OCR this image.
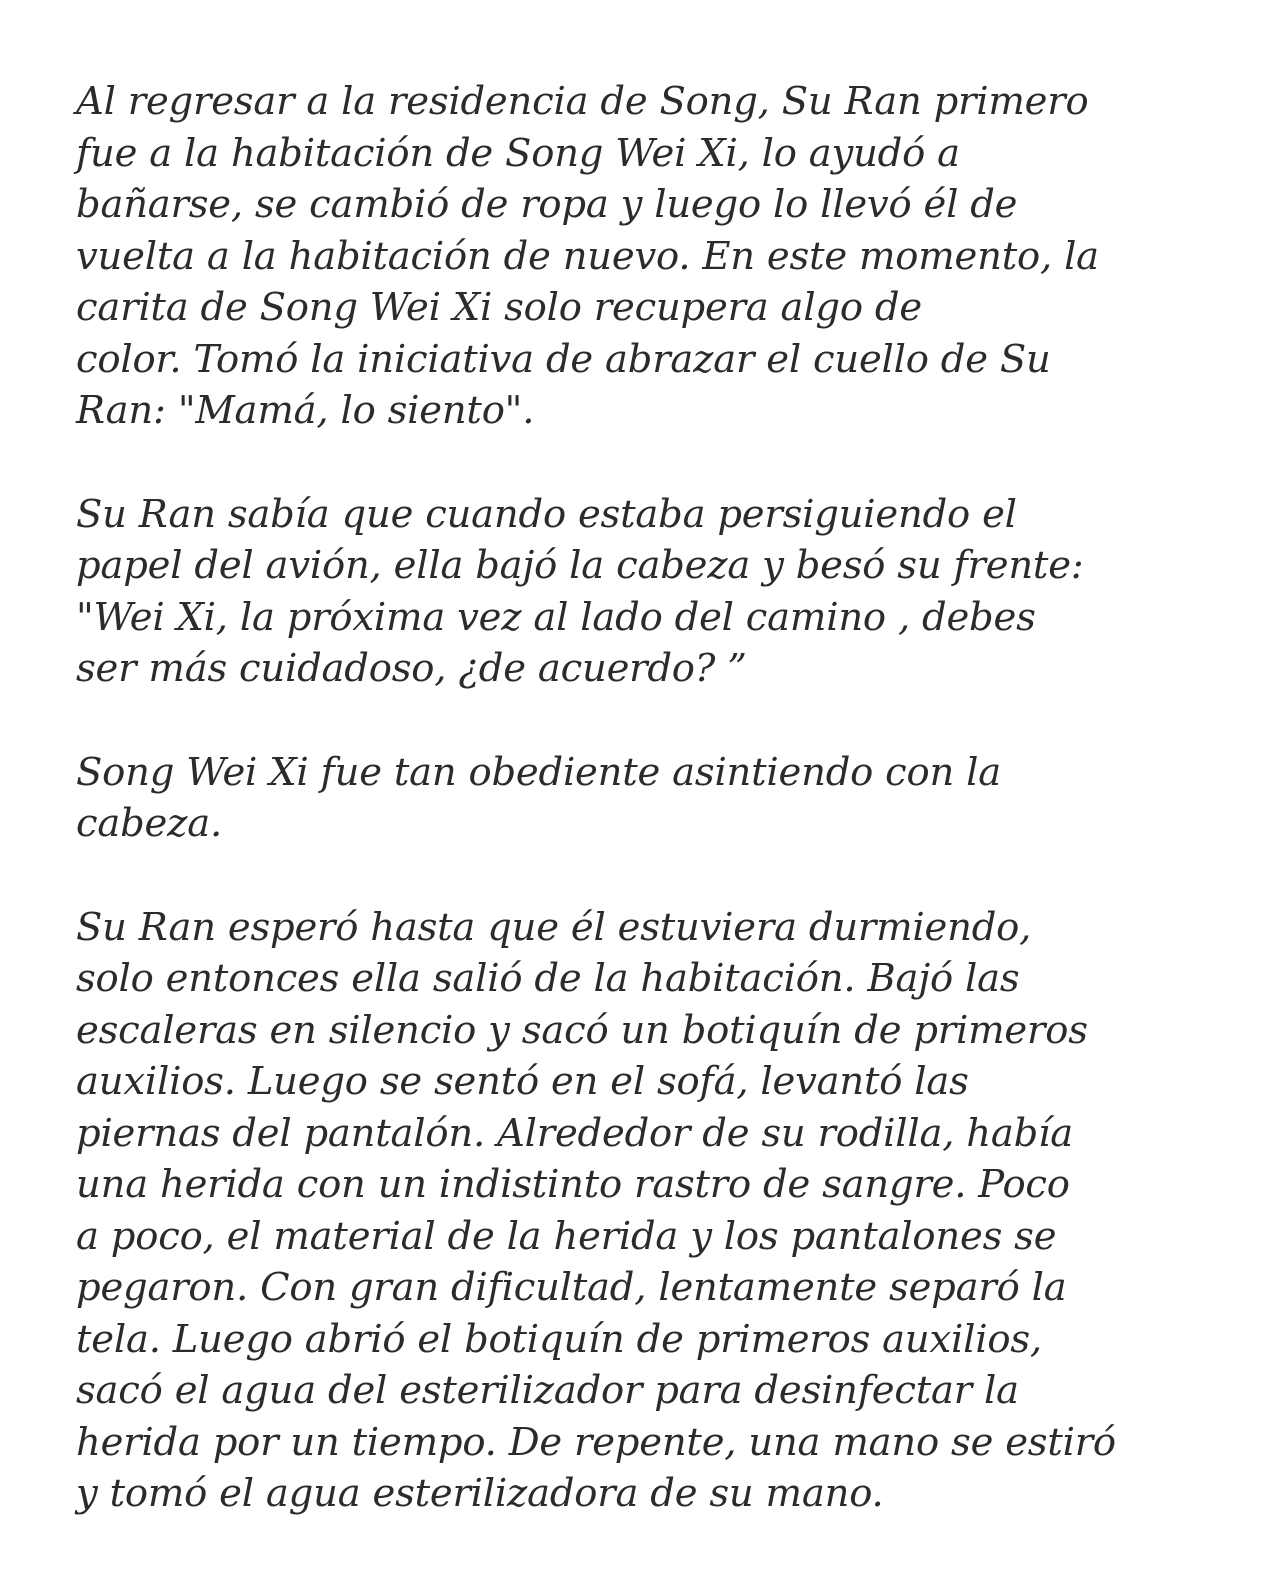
Al regresar a la residencia de Song, Su Ran primero
fue a la habitación de Song Wei Xi, lo ayudó a
bañarse, se cambió de ropa y luego lo llevó él de
vuelta a la habitación de nuevo. En este momento, la
carita de Song Wei Xi solo recupera algo de
color. Tomó la iniciativa de abrazar el cuello de Su
Ran: "Mamá, lo siento".

Su Ran sabía que cuando estaba persiguiendo el
papel del avión, ella bajó la cabeza y besó su frente:
"Wei Xi, la próxima vez al lado del camino , debes
ser más cuidadoso, ¿de acuerdo? ”

Song Wei Xi fue tan obediente asintiendo con la
cabeza.

Su Ran esperó hasta que él estuviera durmiendo,
solo entonces ella salió de la habitación. Bajó las
escaleras en silencio y sacó un botiquín de primeros
auxilios. Luego se sentó en el sofá, levantó las
piernas del pantalón. Alrededor de su rodilla, había
una herida con un indistinto rastro de sangre. Poco
a poco, el material de la herida y los pantalones se
pegaron. Con gran dificultad, lentamente separó la
tela. Luego abrió el botiquín de primeros auxilios,
sacó el agua del esterilizador para desinfectar la
herida por un tiempo. De repente, una mano se estiró
y tomó el agua esterilizadora de su mano.
